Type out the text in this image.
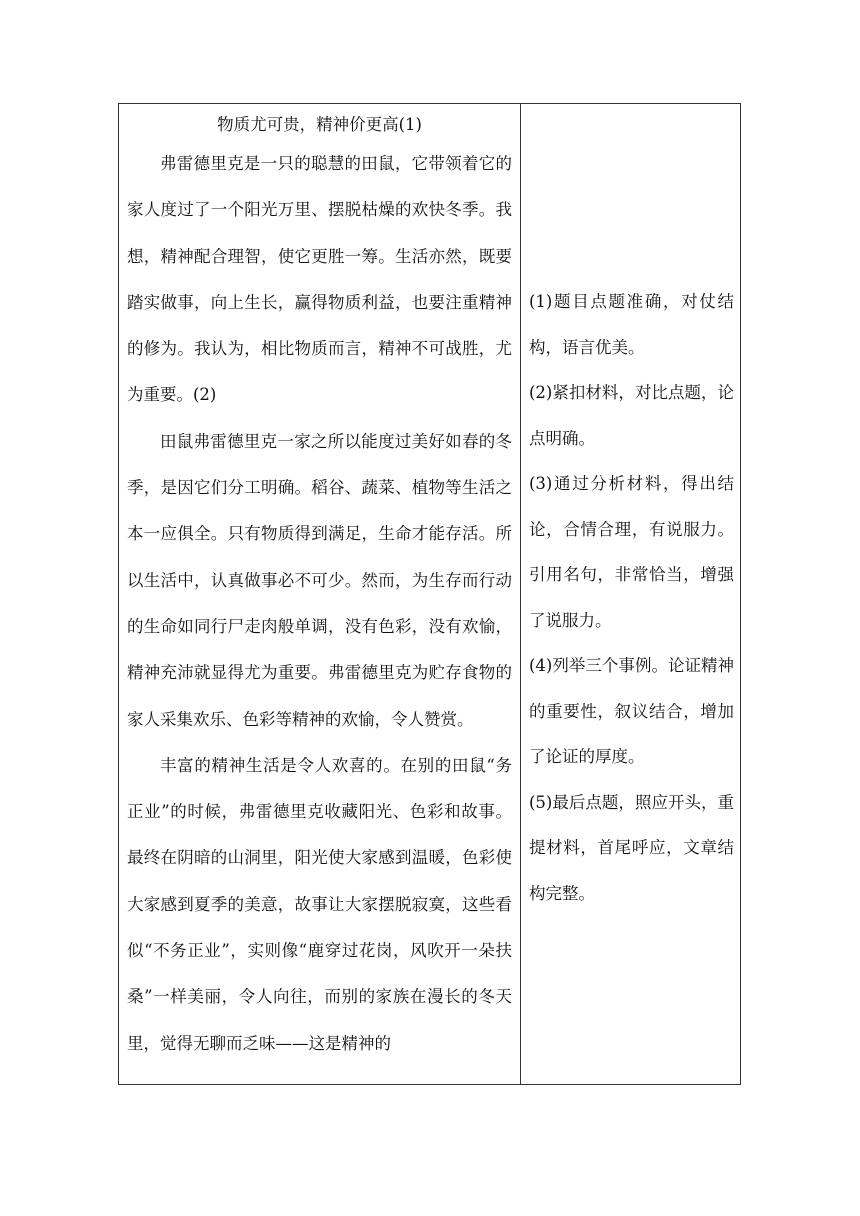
物质尤可贵，精神价更高(1)

弗雷德里克是一只的聪慧的田鼠，它带领着它的家人度过了一个阳光万里、摆脱枯燥的欢快冬季。我想，精神配合理智，使它更胜一筹。生活亦然，既要踏实做事，向上生长，赢得物质利益，也要注重精神的修为。我认为，相比物质而言，精神不可战胜，尤为重要。(2)

田鼠弗雷德里克一家之所以能度过美好如春的冬季，是因它们分工明确。稻谷、蔬菜、植物等生活之本一应俱全。只有物质得到满足，生命才能存活。所以生活中，认真做事必不可少。然而，为生存而行动的生命如同行尸走肉般单调，没有色彩，没有欢愉，精神充沛就显得尤为重要。弗雷德里克为贮存食物的家人采集欢乐、色彩等精神的欢愉，令人赞赏。

丰富的精神生活是令人欢喜的。在别的田鼠“务正业”的时候，弗雷德里克收藏阳光、色彩和故事。最终在阴暗的山洞里，阳光使大家感到温暖，色彩使大家感到夏季的美意，故事让大家摆脱寂寞，这些看似“不务正业”，实则像“鹿穿过花岗，风吹开一朵扶桑”一样美丽，令人向往，而别的家族在漫长的冬天里，觉得无聊而乏味——这是精神的

(1)题目点题准确，对仗结构，语言优美。

(2)紧扣材料，对比点题，论点明确。

(3)通过分析材料，得出结论，合情合理，有说服力。引用名句，非常恰当，增强了说服力。

(4)列举三个事例。论证精神的重要性，叙议结合，增加了论证的厚度。

(5)最后点题，照应开头，重提材料，首尾呼应，文章结构完整。
